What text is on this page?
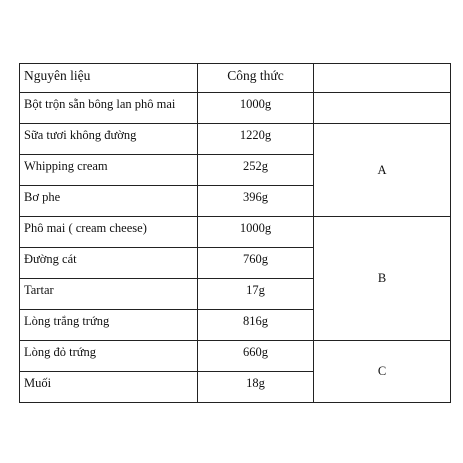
Nguyên liệu	Công thức	
Bột trộn sẵn bông lan phô mai	1000g	
Sữa tươi không đường	1220g	A
Whipping cream	252g	
Bơ phe	396g	
Phô mai ( cream cheese)	1000g	B
Đường cát	760g	
Tartar	17g	
Lòng trắng trứng	816g	
Lòng đỏ trứng	660g	C
Muối	18g	
